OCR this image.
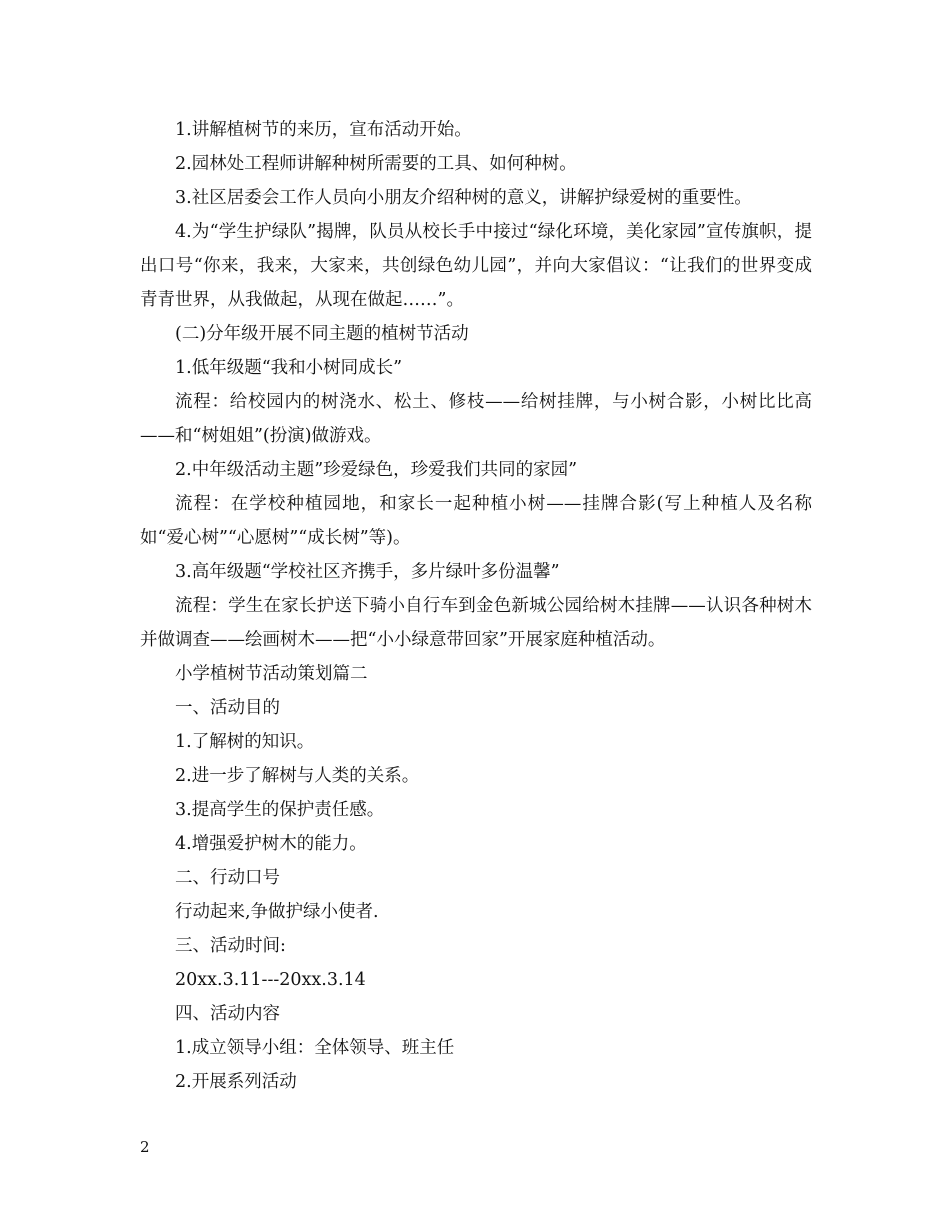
1.讲解植树节的来历，宣布活动开始。

2.园林处工程师讲解种树所需要的工具、如何种树。

3.社区居委会工作人员向小朋友介绍种树的意义，讲解护绿爱树的重要性。

4.为“学生护绿队”揭牌，队员从校长手中接过“绿化环境，美化家园”宣传旗帜，提出口号“你来，我来，大家来，共创绿色幼儿园”，并向大家倡议：“让我们的世界变成青青世界，从我做起，从现在做起……”。

(二)分年级开展不同主题的植树节活动

1.低年级题“我和小树同成长”

流程：给校园内的树浇水、松土、修枝——给树挂牌，与小树合影，小树比比高——和“树姐姐”(扮演)做游戏。

2.中年级活动主题”珍爱绿色，珍爱我们共同的家园”

流程：在学校种植园地，和家长一起种植小树——挂牌合影(写上种植人及名称如“爱心树”“心愿树”“成长树”等)。

3.高年级题“学校社区齐携手，多片绿叶多份温馨”

流程：学生在家长护送下骑小自行车到金色新城公园给树木挂牌——认识各种树木并做调查——绘画树木——把“小小绿意带回家”开展家庭种植活动。

小学植树节活动策划篇二

一、活动目的

1.了解树的知识。

2.进一步了解树与人类的关系。

3.提高学生的保护责任感。

4.增强爱护树木的能力。

二、行动口号

行动起来,争做护绿小使者.

三、活动时间:

20xx.3.11---20xx.3.14

四、活动内容

1.成立领导小组：全体领导、班主任

2.开展系列活动

2
